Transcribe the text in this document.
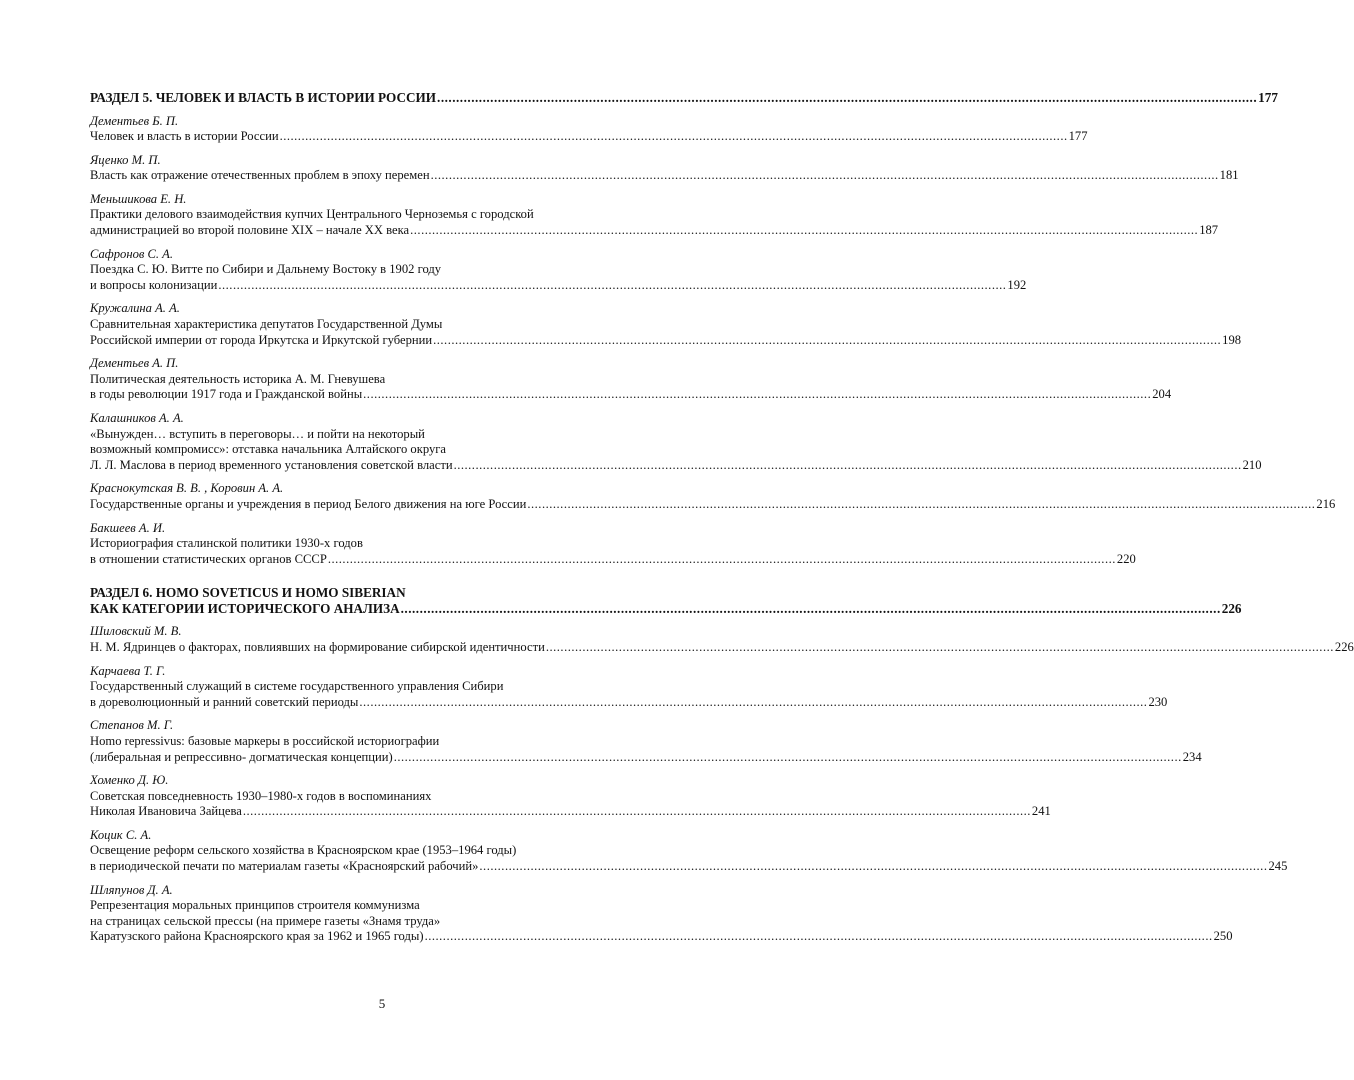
РАЗДЕЛ 5. ЧЕЛОВЕК И ВЛАСТЬ В ИСТОРИИ РОССИИ .....	177
Дементьев Б. П.
Человек и власть в истории России .....	177
Яценко М. П.
Власть как отражение отечественных проблем в эпоху перемен .....	181
Меньшикова Е. Н.
Практики делового взаимодействия купчих Центрального Черноземья с городской
администрацией во второй половине XIX – начале XX века .....	187
Сафронов С. А.
Поездка С. Ю. Витте по Сибири и Дальнему Востоку в 1902 году
и вопросы колонизации .....	192
Кружалина А. А.
Сравнительная характеристика депутатов Государственной Думы
Российской империи от города Иркутска и Иркутской губернии .....	198
Дементьев А. П.
Политическая деятельность историка А. М. Гневушева
в годы революции 1917 года и Гражданской войны .....	204
Калашников А. А.
«Вынужден… вступить в переговоры… и пойти на некоторый
возможный компромисс»: отставка начальника Алтайского округа
Л. Л. Маслова в период временного установления советской власти .....	210
Краснокутская В. В. , Коровин А. А.
Государственные органы и учреждения в период Белого движения на юге России .....	216
Бакшеев А. И.
Историография сталинской политики 1930-х годов
в отношении статистических органов СССР .....	220
РАЗДЕЛ 6. HOMO SOVETICUS И HOMO SIBERIAN
КАК КАТЕГОРИИ ИСТОРИЧЕСКОГО АНАЛИЗА .....	226
Шиловский М. В.
Н. М. Ядринцев о факторах, повлиявших на формирование сибирской идентичности .....	226
Карчаева Т. Г.
Государственный служащий в системе государственного управления Сибири
в дореволюционный и ранний советский периоды .....	230
Степанов М. Г.
Homo repressivus: базовые маркеры в российской историографии
(либеральная и репрессивно- догматическая концепции) .....	234
Хоменко Д. Ю.
Советская повседневность 1930–1980-х годов в воспоминаниях
Николая Ивановича Зайцева .....	241
Коцик С. А.
Освещение реформ сельского хозяйства в Красноярском крае (1953–1964 годы)
в периодической печати по материалам газеты «Красноярский рабочий» .....	245
Шляпунов Д. А.
Репрезентация моральных принципов строителя коммунизма
на страницах сельской прессы (на примере газеты «Знамя труда»
Каратузского района Красноярского края за 1962 и 1965 годы) .....	250
5
